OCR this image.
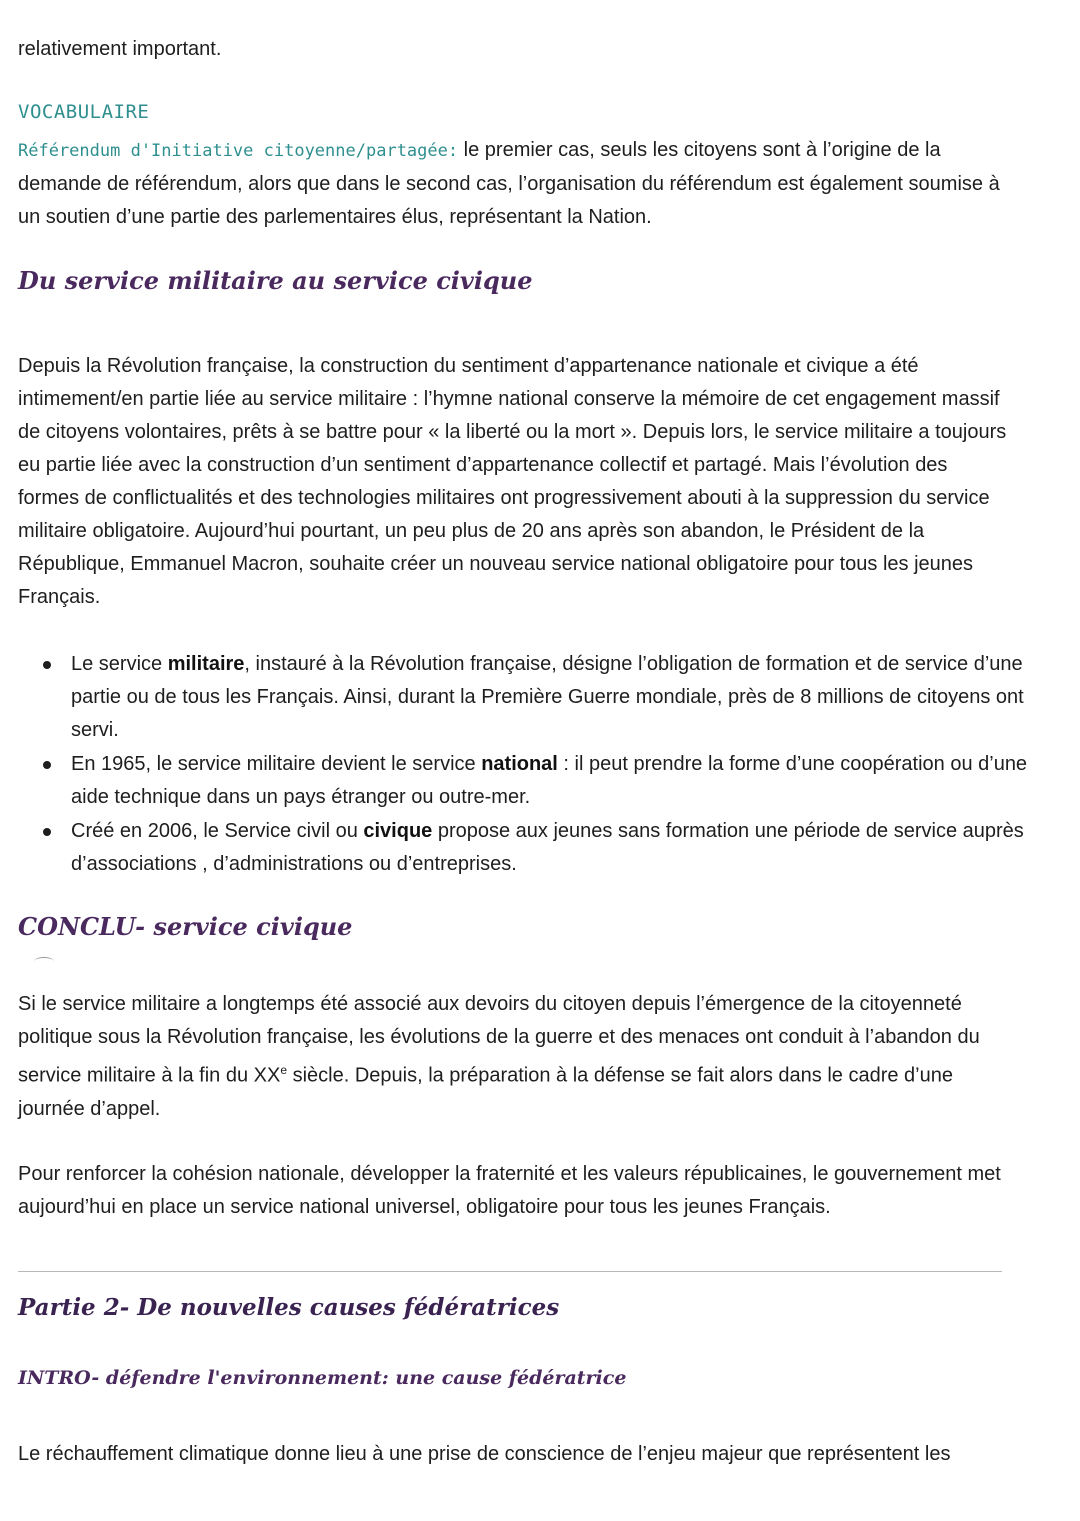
relativement important.

VOCABULAIRE

Référendum d'Initiative citoyenne/partagée: le premier cas, seuls les citoyens sont à l’origine de la demande de référendum, alors que dans le second cas, l’organisation du référendum est également soumise à un soutien d’une partie des parlementaires élus, représentant la Nation.

Du service militaire au service civique

Depuis la Révolution française, la construction du sentiment d’appartenance nationale et civique a été intimement/en partie liée au service militaire : l’hymne national conserve la mémoire de cet engagement massif de citoyens volontaires, prêts à se battre pour « la liberté ou la mort ». Depuis lors, le service militaire a toujours eu partie liée avec la construction d’un sentiment d’appartenance collectif et partagé. Mais l’évolution des formes de conflictualités et des technologies militaires ont progressivement abouti à la suppression du service militaire obligatoire. Aujourd’hui pourtant, un peu plus de 20 ans après son abandon, le Président de la République, Emmanuel Macron, souhaite créer un nouveau service national obligatoire pour tous les jeunes Français.

Le service militaire, instauré à la Révolution française, désigne l’obligation de formation et de service d’une partie ou de tous les Français. Ainsi, durant la Première Guerre mondiale, près de 8 millions de citoyens ont servi.
En 1965, le service militaire devient le service national : il peut prendre la forme d’une coopération ou d’une aide technique dans un pays étranger ou outre-mer.
Créé en 2006, le Service civil ou civique propose aux jeunes sans formation une période de service auprès d’associations , d’administrations ou d’entreprises.
CONCLU- service civique

Si le service militaire a longtemps été associé aux devoirs du citoyen depuis l’émergence de la citoyenneté politique sous la Révolution française, les évolutions de la guerre et des menaces ont conduit à l’abandon du service militaire à la fin du XXe siècle. Depuis, la préparation à la défense se fait alors dans le cadre d’une journée d’appel.

Pour renforcer la cohésion nationale, développer la fraternité et les valeurs républicaines, le gouvernement met aujourd’hui en place un service national universel, obligatoire pour tous les jeunes Français.

Partie 2- De nouvelles causes fédératrices
INTRO- défendre l'environnement: une cause fédératrice

Le réchauffement climatique donne lieu à une prise de conscience de l’enjeu majeur que représentent les
